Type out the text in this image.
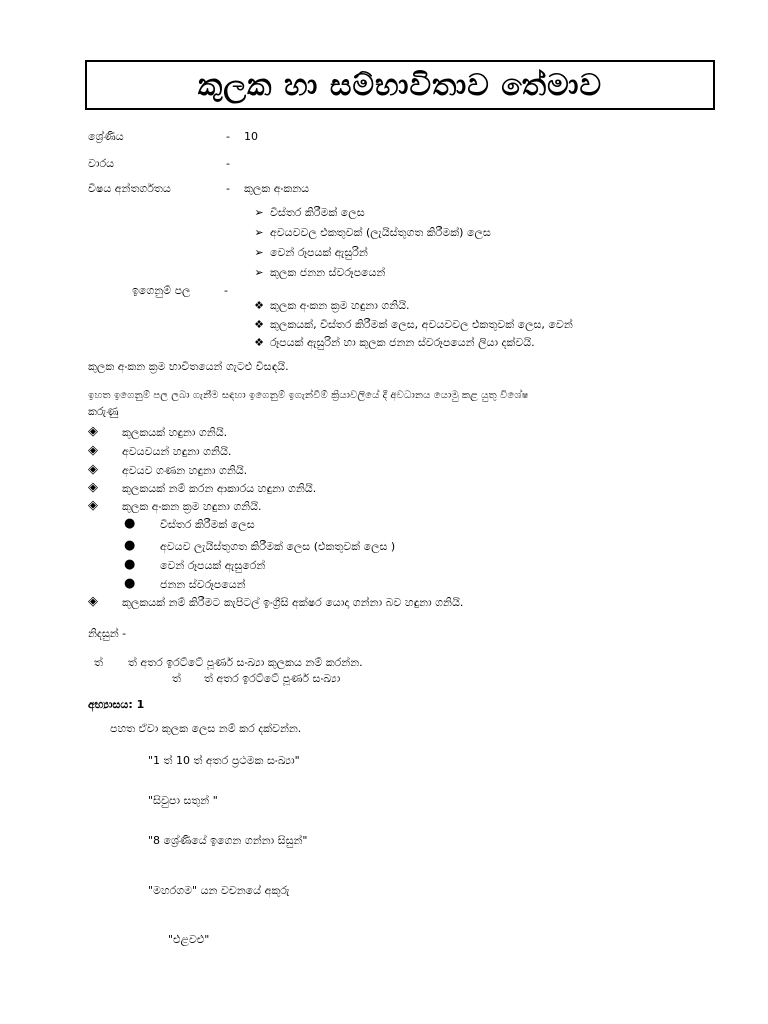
කුලක හා සම්භාවිතාව තේමාව
ශ්‍රේණිය	- 10
වාරය	-
විෂය අන්තර්ගතය	- කුලක අංකනය
➢ විස්තර කිරීමක් ලෙස
➢ අවයවවල එකතුවක් (ලැයිස්තුගත කිරීමක්) ලෙස
➢ වෙන් රූපයක් ඇසුරින්
➢ කුලක ජනන ස්වරූපයෙන්
ඉගෙනුම් පල	-
❖ කුලක අංකන ක්‍රම හඳුනා ගනියි.
❖ කුලකයක්, විස්තර කිරීමක් ලෙස, අවයවවල එකතුවක් ලෙස, වෙන්
❖ රූපයක් ඇසුරින් හා කුලක ජනන ස්වරූපයෙන් ලියා දක්වයි.
කුලක අංකන ක්‍රම භාවිතයෙන් ගැටළු විසඳයි.
ඉහත ඉගෙනුම් පල ලබා ගැනීම සඳහා ඉගෙනුම් ඉගැන්වීම් ක්‍රියාවලියේ දී අවධානය යොමු කළ යුතු විශේෂ
කරුණු
◈ කුලකයක් හඳුනා ගනියි.
◈ අවයවයන් හඳුනා ගනියි.
◈ අවයව ගණන හඳුනා ගනියි.
◈ කුලකයක් නම් කරන ආකාරය හඳුනා ගනියි.
◈ කුලක අංකන ක්‍රම හඳුනා ගනියි.
● විස්තර කිරීමක් ලෙස
● අවයව ලැයිස්තුගත කිරීමක් ලෙස (එකතුවක් ලෙස )
● වෙන් රූපයක් ඇසුරෙන්
● ජනන ස්වරූපයෙන්
◈ කුලකයක් නම් කිරීමට කැපිටල් ඉංග්‍රීසි අක්ෂර යොදා ගන්නා බව හඳුනා ගනියි.
නිදසුන් -
ත් ත් අතර ඉරට්ටේ පූර්ණ සංඛ්‍යා කුලකය නම් කරන්න.
ත් ත් අතර ඉරට්ටේ පූර්ණ සංඛ්‍යා
අභ්‍යාසය: 1
පහත ඒවා කුලක ලෙස නම් කර දක්වන්න.
"1 ත් 10 ත් අතර ප්‍රථමක සංඛ්‍යා"
"සිවුපා සතුන් "
"8 ශ්‍රේණියේ ඉගෙන ගන්නා සිසුන්"
"මහරගම" යන වචනයේ අකුරු
"එළවළු"
